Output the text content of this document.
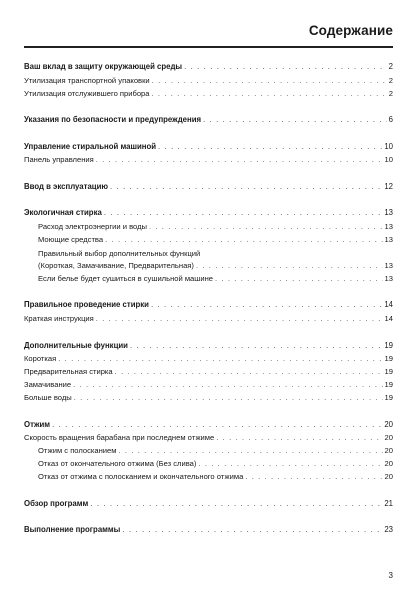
Содержание
Ваш вклад в защиту окружающей среды . . .	2
Утилизация транспортной упаковки . . .	2
Утилизация отслужившего прибора . . .	2
Указания по безопасности и предупреждения . . .	6
Управление стиральной машиной . . .	10
Панель управления . . .	10
Ввод в эксплуатацию . . .	12
Экологичная стирка . . .	13
Расход электроэнергии и воды . . .	13
Моющие средства . . .	13
Правильный выбор дополнительных функций
(Короткая, Замачивание, Предварительная) . . .	13
Если белье будет сушиться в сушильной машине . . .	13
Правильное проведение стирки . . .	14
Краткая инструкция . . .	14
Дополнительные функции . . .	19
Короткая . . .	19
Предварительная стирка . . .	19
Замачивание . . .	19
Больше воды . . .	19
Отжим . . .	20
Скорость вращения барабана при последнем отжиме . . .	20
Отжим с полосканием . . .	20
Отказ от окончательного отжима (Без слива) . . .	20
Отказ от отжима с полосканием и окончательного отжима . . .	20
Обзор программ . . .	21
Выполнение программы . . .	23
3
